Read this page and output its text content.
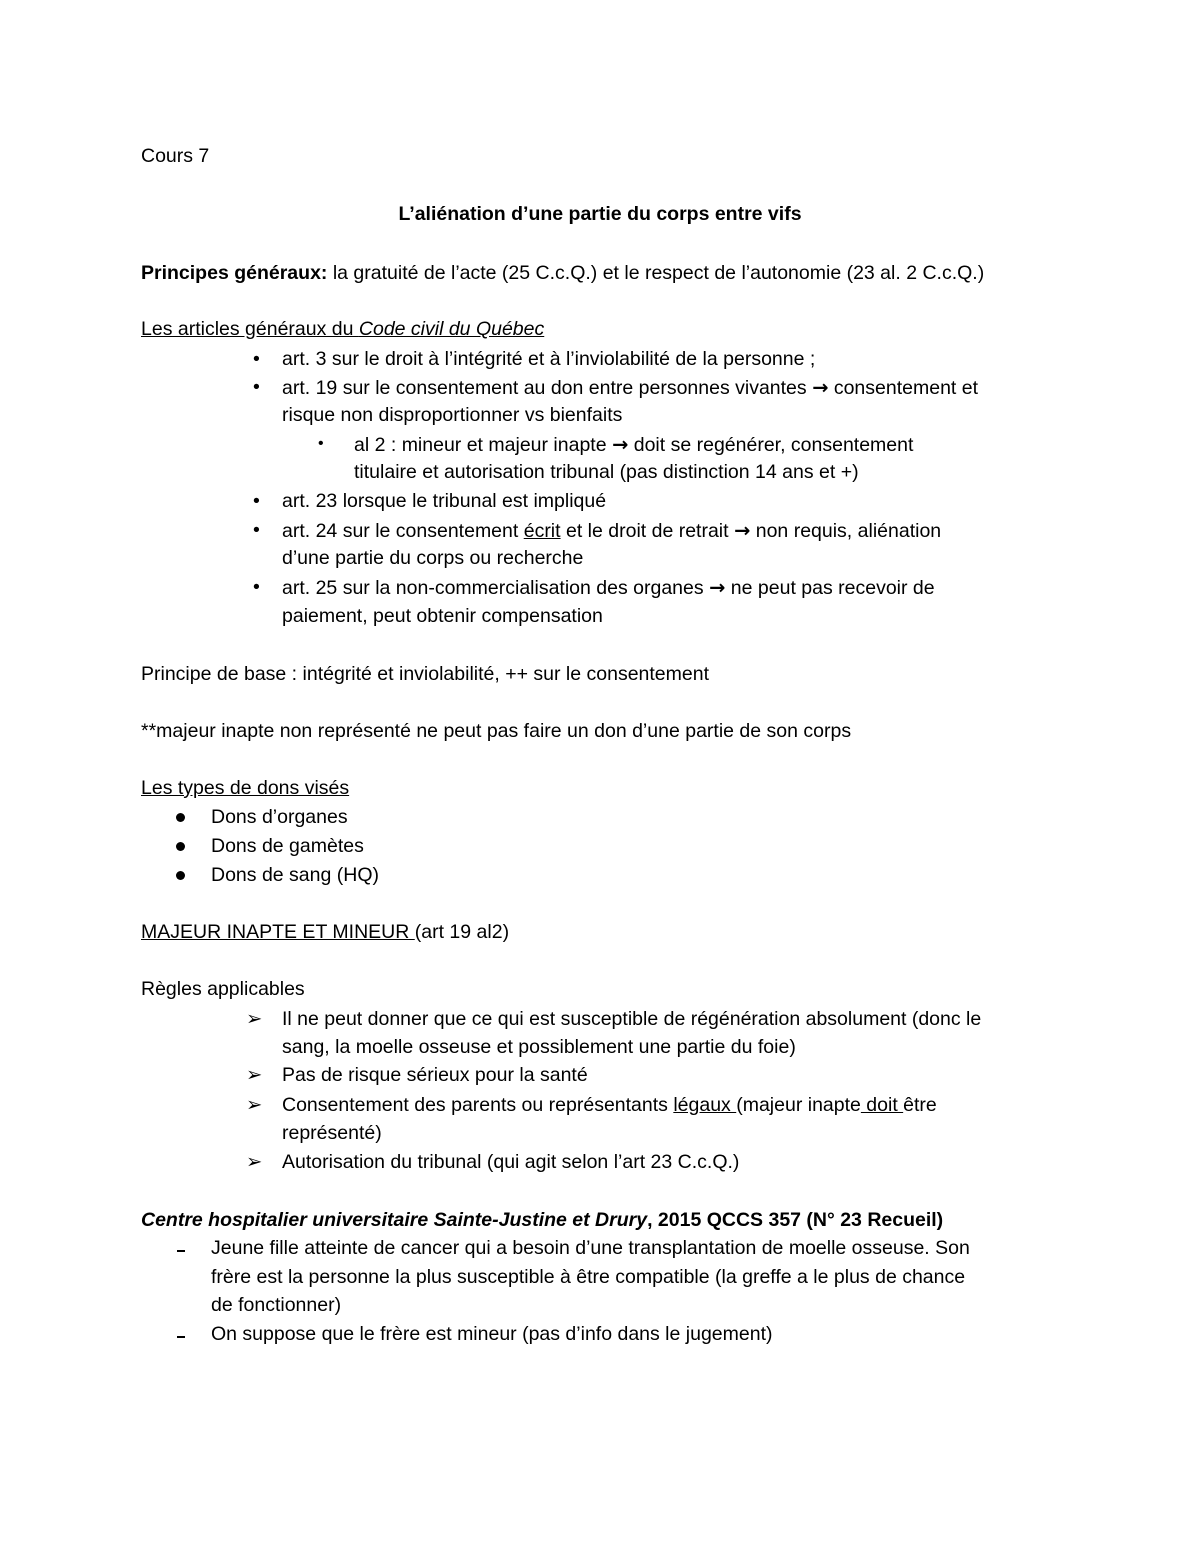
Cours 7
L’aliénation d’une partie du corps entre vifs
Principes généraux: la gratuité de l’acte (25 C.c.Q.) et le respect de l’autonomie (23 al. 2 C.c.Q.)
Les articles généraux du Code civil du Québec
• art. 3 sur le droit à l’intégrité et à l’inviolabilité de la personne ;
• art. 19 sur le consentement au don entre personnes vivantes → consentement et
risque non disproportionner vs bienfaits
• al 2 : mineur et majeur inapte → doit se regénérer, consentement
titulaire et autorisation tribunal (pas distinction 14 ans et +)
• art. 23 lorsque le tribunal est impliqué
• art. 24 sur le consentement écrit et le droit de retrait → non requis, aliénation
d’une partie du corps ou recherche
• art. 25 sur la non-commercialisation des organes → ne peut pas recevoir de
paiement, peut obtenir compensation
Principe de base : intégrité et inviolabilité, ++ sur le consentement
**majeur inapte non représenté ne peut pas faire un don d’une partie de son corps
Les types de dons visés
Dons d’organes
Dons de gamètes
Dons de sang (HQ)
MAJEUR INAPTE ET MINEUR (art 19 al2)
Règles applicables
➢ Il ne peut donner que ce qui est susceptible de régénération absolument (donc le
sang, la moelle osseuse et possiblement une partie du foie)
➢ Pas de risque sérieux pour la santé
➢ Consentement des parents ou représentants légaux (majeur inapte doit être
représenté)
➢ Autorisation du tribunal (qui agit selon l’art 23 C.c.Q.)
Centre hospitalier universitaire Sainte-Justine et Drury, 2015 QCCS 357 (N° 23 Recueil)
Jeune fille atteinte de cancer qui a besoin d’une transplantation de moelle osseuse. Son
frère est la personne la plus susceptible à être compatible (la greffe a le plus de chance
de fonctionner)
On suppose que le frère est mineur (pas d’info dans le jugement)
